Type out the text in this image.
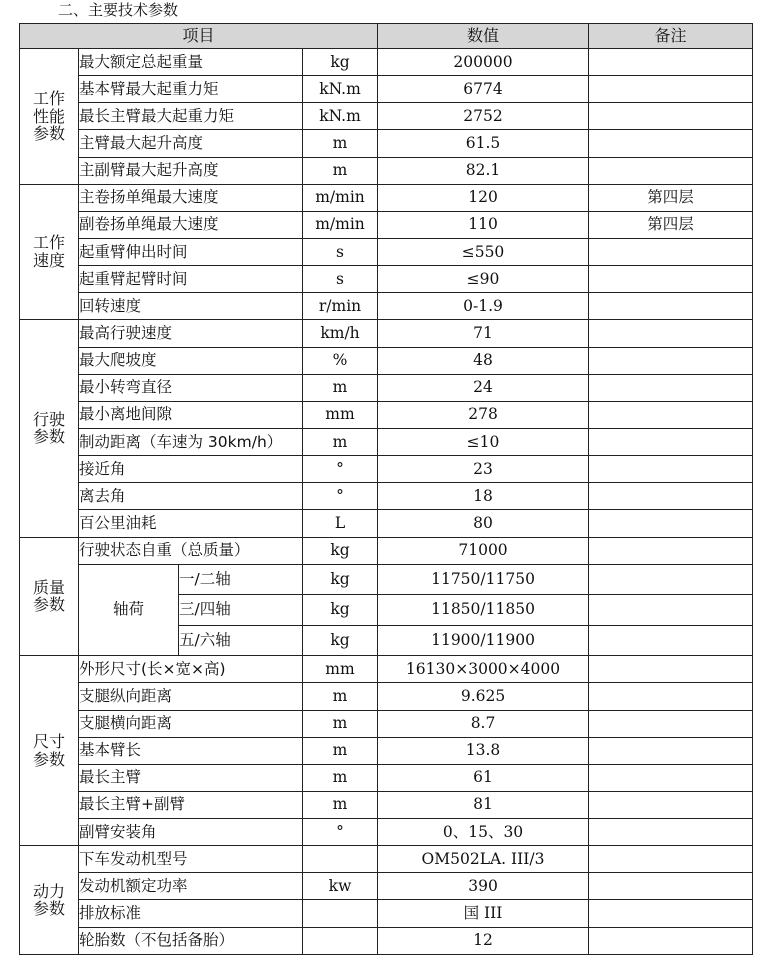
二、主要技术参数
项目				数值	备注

工作
性能
参数	最大额定总起重量		kg	200000	
	基本臂最大起重力矩		kN.m	6774	
	最长主臂最大起重力矩		kN.m	2752	
	主臂最大起升高度		m	61.5	
	主副臂最大起升高度		m	82.1	

工作
速度	主卷扬单绳最大速度		m/min	120	第四层
	副卷扬单绳最大速度		m/min	110	第四层
	起重臂伸出时间		s	≤550	
	起重臂起臂时间		s	≤90	
	回转速度		r/min	0-1.9	

行驶
参数	最高行驶速度		km/h	71	
	最大爬坡度		%	48	
	最小转弯直径		m	24	
	最小离地间隙		mm	278	
	制动距离（车速为 30km/h）		m	≤10	
	接近角		°	23	
	离去角		°	18	
	百公里油耗		L	80	

质量
参数	行驶状态自重（总质量）		kg	71000	
	轴荷	一/二轴	kg	11750/11750	
		三/四轴	kg	11850/11850	
		五/六轴	kg	11900/11900	

尺寸
参数	外形尺寸(长×宽×高)		mm	16130×3000×4000	
	支腿纵向距离		m	9.625	
	支腿横向距离		m	8.7	
	基本臂长		m	13.8	
	最长主臂		m	61	
	最长主臂+副臂		m	81	
	副臂安装角		°	0、15、30	

动力
参数	下车发动机型号			OM502LA. III/3	
	发动机额定功率		kw	390	
	排放标准			国 III	
	轮胎数（不包括备胎）			12	
